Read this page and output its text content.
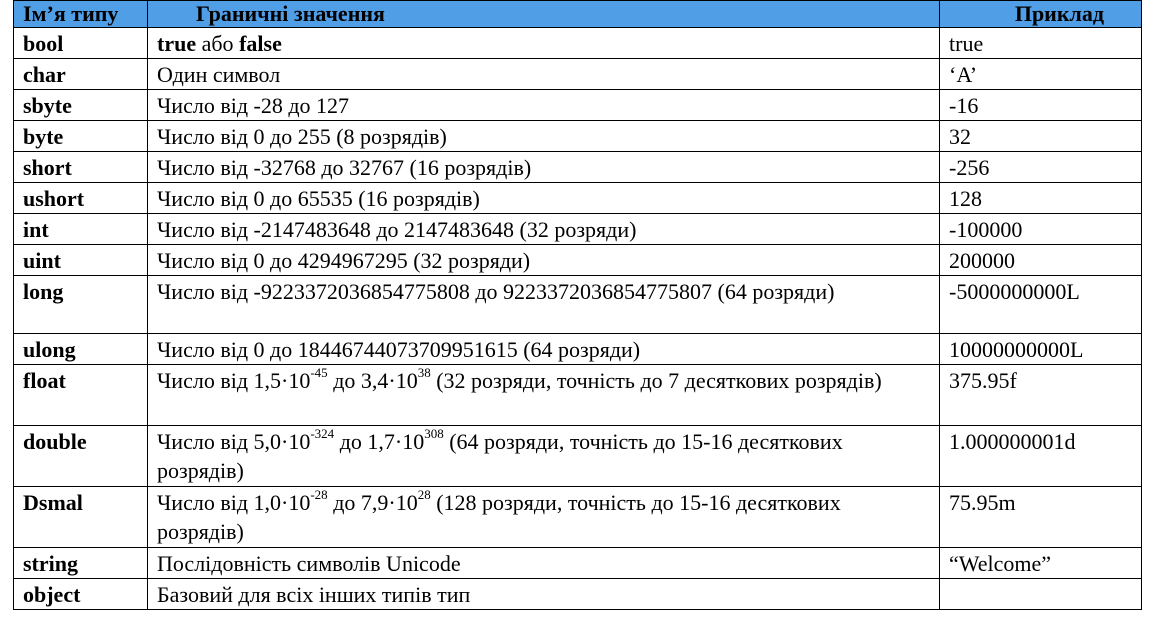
Ім’я типу	Граничні значення	Приклад
bool	true або false	true
char	Один символ	‘A’
sbyte	Число від -28 до 127	-16
byte	Число від 0 до 255 (8 розрядів)	32
short	Число від -32768 до 32767 (16 розрядів)	-256
ushort	Число від 0 до 65535 (16 розрядів)	128
int	Число від -2147483648 до 2147483648 (32 розряди)	-100000
uint	Число від 0 до 4294967295 (32 розряди)	200000
long	Число від -9223372036854775808 до 9223372036854775807 (64 розряди)	-5000000000L
ulong	Число від 0 до 18446744073709951615 (64 розряди)	10000000000L
float	Число від $1,5\cdot 10^{-45}$ до $3,4\cdot 10^{38}$ (32 розряди, точність до 7 десяткових розрядів)	375.95f
double	Число від $5,0\cdot 10^{-324}$ до $1,7\cdot 10^{308}$ (64 розряди, точність до 15-16 десяткових розрядів)	1.000000001d
Dsmal	Число від $1,0\cdot 10^{-28}$ до $7,9\cdot 10^{28}$ (128 розряди, точність до 15-16 десяткових розрядів)	75.95m
string	Послідовність символів Unicode	“Welcome”
object	Базовий для всіх інших типів тип	
